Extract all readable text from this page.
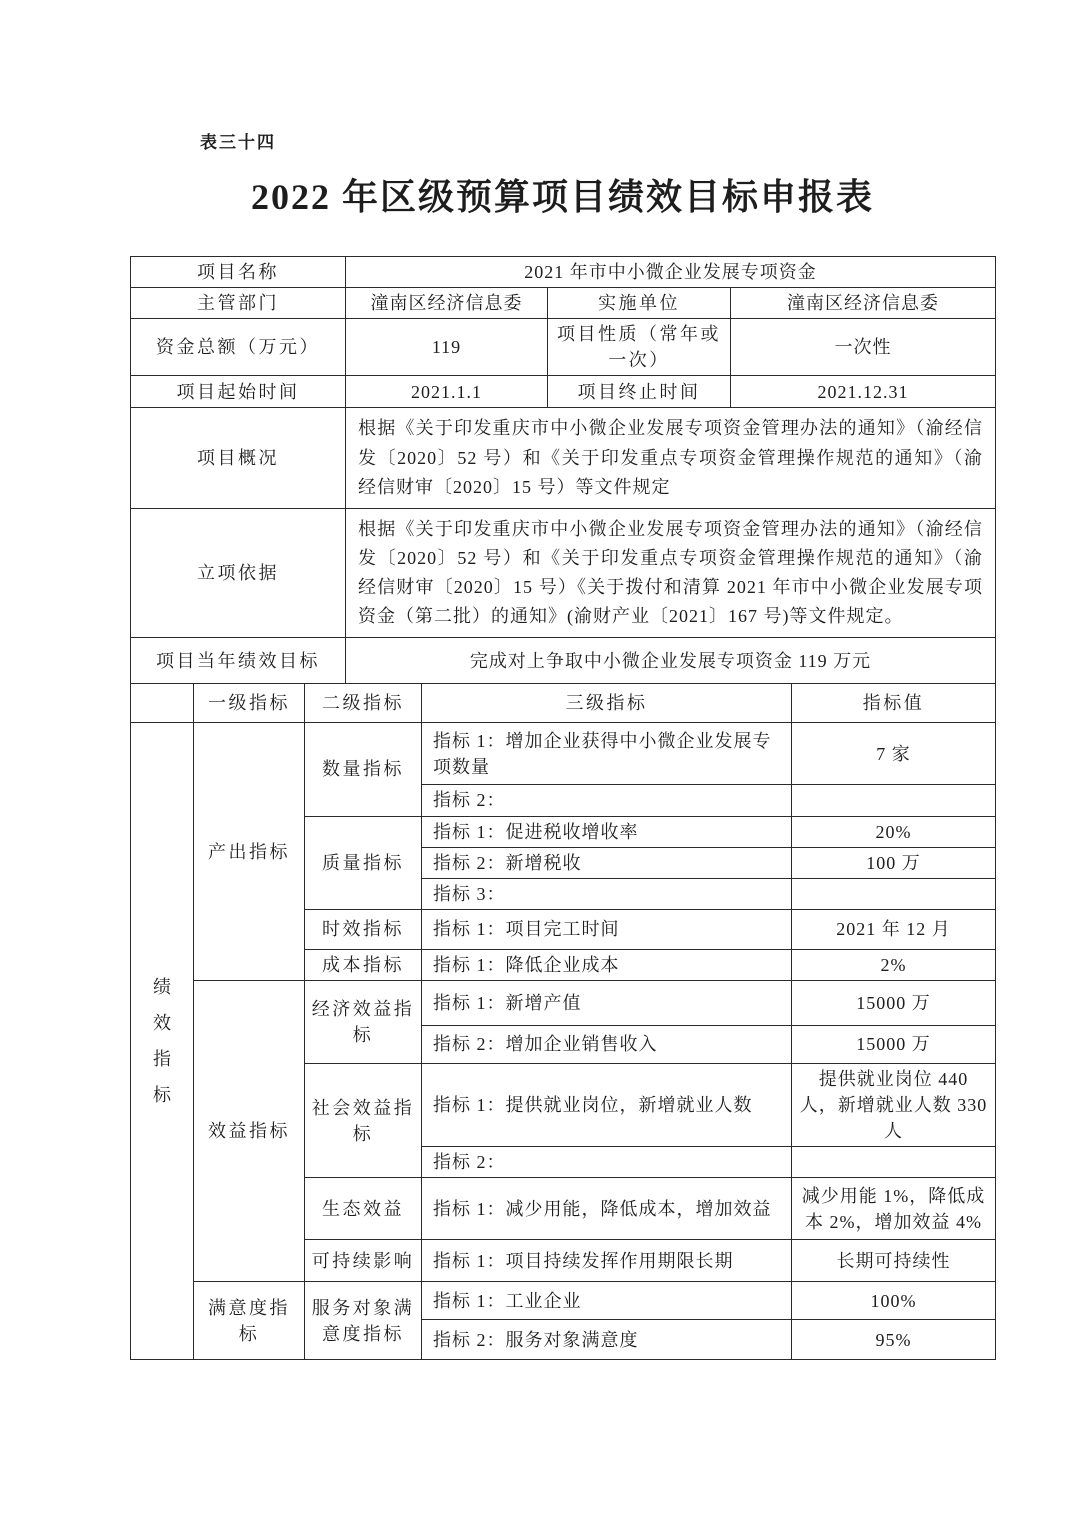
表三十四
2022 年区级预算项目绩效目标申报表
项目名称	2021 年市中小微企业发展专项资金		
主管部门	潼南区经济信息委	实施单位	潼南区经济信息委
资金总额（万元）	119	项目性质（常年或一次）	一次性
项目起始时间	2021.1.1	项目终止时间	2021.12.31
项目概况	根据《关于印发重庆市中小微企业发展专项资金管理办法的通知》（渝经信发〔2020〕52 号）和《关于印发重点专项资金管理操作规范的通知》（渝经信财审〔2020〕15 号）等文件规定		
立项依据	根据《关于印发重庆市中小微企业发展专项资金管理办法的通知》（渝经信发〔2020〕52 号）和《关于印发重点专项资金管理操作规范的通知》（渝经信财审〔2020〕15 号）《关于拨付和清算 2021 年市中小微企业发展专项资金（第二批）的通知》(渝财产业〔2021〕167 号)等文件规定。		
项目当年绩效目标	完成对上争取中小微企业发展专项资金 119 万元		
	一级指标	二级指标	三级指标	指标值

绩效指标	产出指标	数量指标	指标 1：增加企业获得中小微企业发展专项数量	7 家
			指标 2：	
		质量指标	指标 1：促进税收增收率	20%
			指标 2：新增税收	100 万
			指标 3：	
		时效指标	指标 1：项目完工时间	2021 年 12 月
		成本指标	指标 1：降低企业成本	2%
	效益指标	经济效益指标	指标 1：新增产值	15000 万
			指标 2：增加企业销售收入	15000 万
		社会效益指标	指标 1：提供就业岗位，新增就业人数	提供就业岗位 440 人，新增就业人数 330 人
			指标 2：	
		生态效益	指标 1：减少用能，降低成本，增加效益	减少用能 1%，降低成本 2%，增加效益 4%
		可持续影响	指标 1：项目持续发挥作用期限长期	长期可持续性
	满意度指标	服务对象满意度指标	指标 1：工业企业	100%
			指标 2：服务对象满意度	95%
